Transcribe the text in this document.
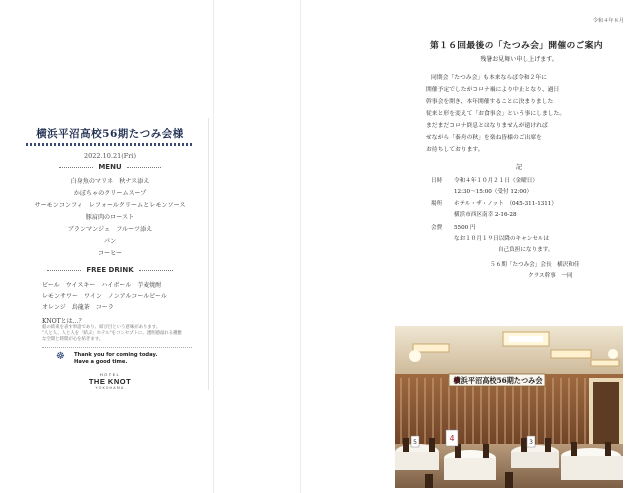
横浜平沼高校56期たつみ会様
2022.10.21(Fri)
MENU
白身魚のマリネ　秋ナス添え
かぼちゃのクリームスープ
サーモンコンフィ　レフォールクリームとレモンソース
豚肩肉のロースト
ブランマンジェ　フルーツ添え
パン
コーヒー
FREE DRINK
ビール　ウイスキー　ハイボール　芋麦焼酎
レモンサワー　ワイン　ノンアルコールビール
オレンジ　烏龍茶　コーラ
KNOTとは…？
船の結束を表す単語であり、結び目という意味があります。
"人と人、人と人を「結ぶ」ホテル"をコンセプトに、透明感溢れる優雅
な空間と時間が心を紡ぎます。
☸ Thank you for coming today.
Have a good time.
HOTEL
THE KNOT
YOKOHAMA
令和４年８月
第１６回最後の「たつみ会」開催のご案内
残暑お見舞い申し上げます。
同期会「たつみ会」も本来ならば令和２年に
開催予定でしたがコロナ禍により中止となり、過日
幹事会を開き、本年開催することに決まりました
従来と形を変えて「お食事会」という事にしました。
まだまだコロナ終息とはなりませんが遠ければ
せながら「秦舟の秋」を楽ね皆様のご出席を
お待ちしております。
記
日時 令和４年１０月２１日（金曜日）
12:30～15:00（受付 12:00）
場所 ホテル・ザ・ノット　（045-311-1311）
横浜市西区南幸 2-16-28
会費 5500 円
なお１０月１９日以降のキャンセルは
自己負担になります。
５６期「たつみ会」会長　横沢和佳
クラス幹事　一同
横浜平沼高校56期たつみ会
5	4	3
